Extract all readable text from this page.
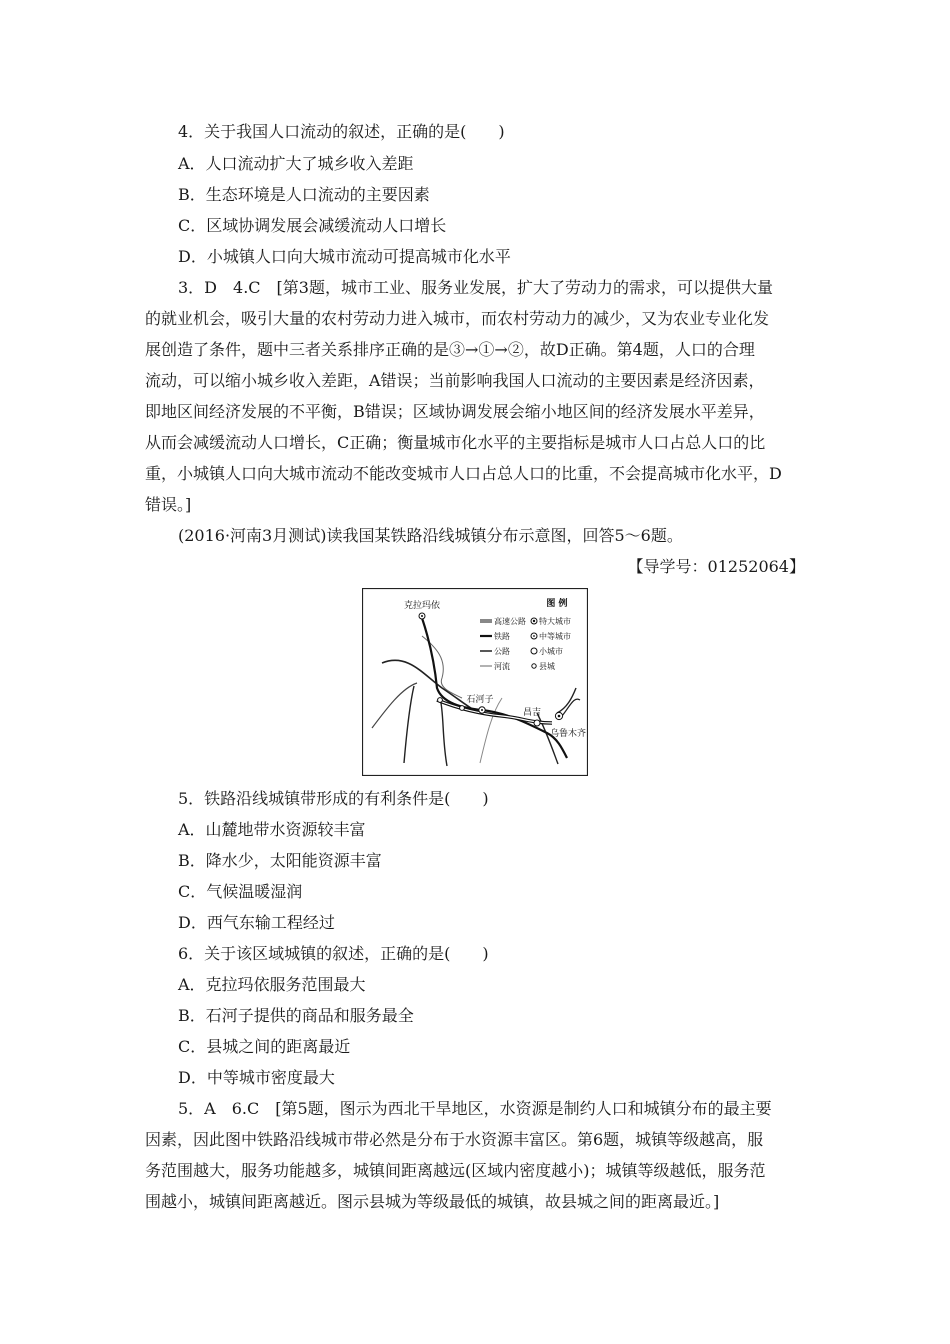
4．关于我国人口流动的叙述，正确的是(　　)
A．人口流动扩大了城乡收入差距
B．生态环境是人口流动的主要因素
C．区域协调发展会减缓流动人口增长
D．小城镇人口向大城市流动可提高城市化水平
3．D　4.C　[第3题，城市工业、服务业发展，扩大了劳动力的需求，可以提供大量
的就业机会，吸引大量的农村劳动力进入城市，而农村劳动力的减少，又为农业专业化发
展创造了条件，题中三者关系排序正确的是③→①→②，故D正确。第4题，人口的合理
流动，可以缩小城乡收入差距，A错误；当前影响我国人口流动的主要因素是经济因素，
即地区间经济发展的不平衡，B错误；区域协调发展会缩小地区间的经济发展水平差异，
从而会减缓流动人口增长，C正确；衡量城市化水平的主要指标是城市人口占总人口的比
重，小城镇人口向大城市流动不能改变城市人口占总人口的比重，不会提高城市化水平，D
错误。]
(2016·河南3月测试)读我国某铁路沿线城镇分布示意图，回答5～6题。
【导学号：01252064】
克拉玛依
石河子
昌吉
乌鲁木齐
图 例
高速公路
铁路
公路
河流
特大城市
中等城市
小城市
县城
5．铁路沿线城镇带形成的有利条件是(　　)
A．山麓地带水资源较丰富
B．降水少，太阳能资源丰富
C．气候温暖湿润
D．西气东输工程经过
6．关于该区域城镇的叙述，正确的是(　　)
A．克拉玛依服务范围最大
B．石河子提供的商品和服务最全
C．县城之间的距离最近
D．中等城市密度最大
5．A　6.C　[第5题，图示为西北干旱地区，水资源是制约人口和城镇分布的最主要
因素，因此图中铁路沿线城市带必然是分布于水资源丰富区。第6题，城镇等级越高，服
务范围越大，服务功能越多，城镇间距离越远(区域内密度越小)；城镇等级越低，服务范
围越小，城镇间距离越近。图示县城为等级最低的城镇，故县城之间的距离最近。]
